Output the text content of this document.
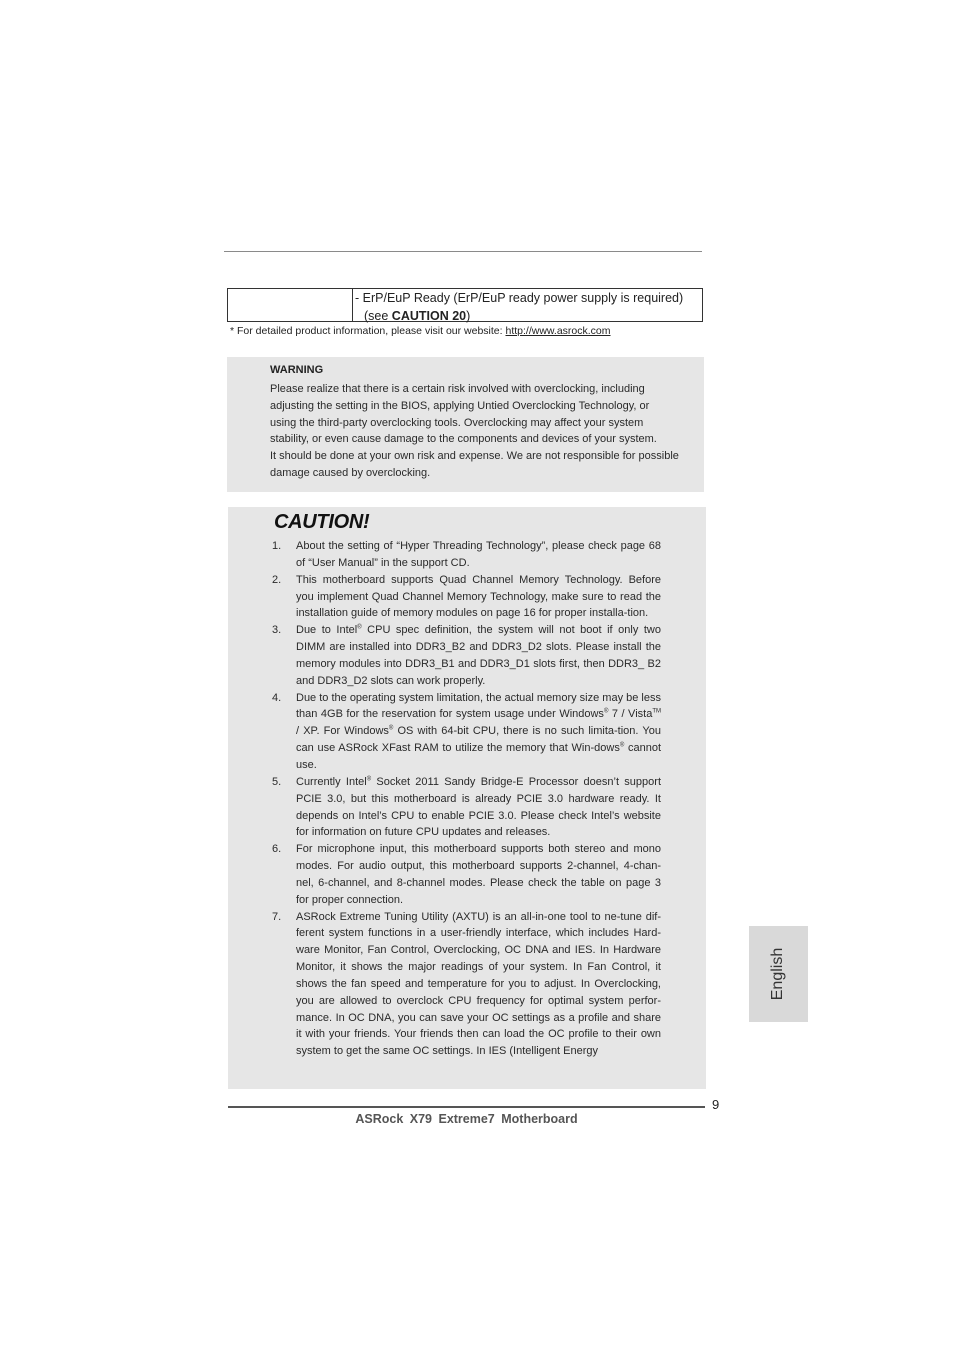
- ErP/EuP Ready (ErP/EuP ready power supply is required)
(see CAUTION 20)
* For detailed product information, please visit our website: http://www.asrock.com
WARNING
Please realize that there is a certain risk involved with overclocking, including
adjusting the setting in the BIOS, applying Untied Overclocking Technology, or
using the third-party overclocking tools. Overclocking may affect your system
stability, or even cause damage to the components and devices of your system.
It should be done at your own risk and expense. We are not responsible for possible
damage caused by overclocking.
CAUTION!
1.	About the setting of “Hyper Threading Technology”, please check page 68 of “User Manual” in the support CD.
2.	This motherboard supports Quad Channel Memory Technology. Before you implement Quad Channel Memory Technology, make sure to read the installation guide of memory modules on page 16 for proper installa-tion.
3.	Due to Intel® CPU spec definition, the system will not boot if only two DIMM are installed into DDR3_B2 and DDR3_D2 slots. Please install the memory modules into DDR3_B1 and DDR3_D1 slots first, then DDR3_ B2 and DDR3_D2 slots can work properly.
4.	Due to the operating system limitation, the actual memory size may be less than 4GB for the reservation for system usage under Windows® 7 / Vista™ / XP. For Windows® OS with 64-bit CPU, there is no such limita-tion. You can use ASRock XFast RAM to utilize the memory that Win-dows® cannot use.
5.	Currently Intel® Socket 2011 Sandy Bridge-E Processor doesn’t support PCIE 3.0, but this motherboard is already PCIE 3.0 hardware ready. It depends on Intel’s CPU to enable PCIE 3.0. Please check Intel’s website for information on future CPU updates and releases.
6.	For microphone input, this motherboard supports both stereo and mono modes. For audio output, this motherboard supports 2-channel, 4-chan-nel, 6-channel, and 8-channel modes. Please check the table on page 3 for proper connection.
7.	ASRock Extreme Tuning Utility (AXTU) is an all-in-one tool to ne-tune dif-ferent system functions in a user-friendly interface, which includes Hard-ware Monitor, Fan Control, Overclocking, OC DNA and IES. In Hardware Monitor, it shows the major readings of your system. In Fan Control, it shows the fan speed and temperature for you to adjust. In Overclocking, you are allowed to overclock CPU frequency for optimal system perfor-mance. In OC DNA, you can save your OC settings as a profile and share it with your friends. Your friends then can load the OC profile to their own system to get the same OC settings. In IES (Intelligent Energy
English
9
ASRock X79 Extreme7 Motherboard
